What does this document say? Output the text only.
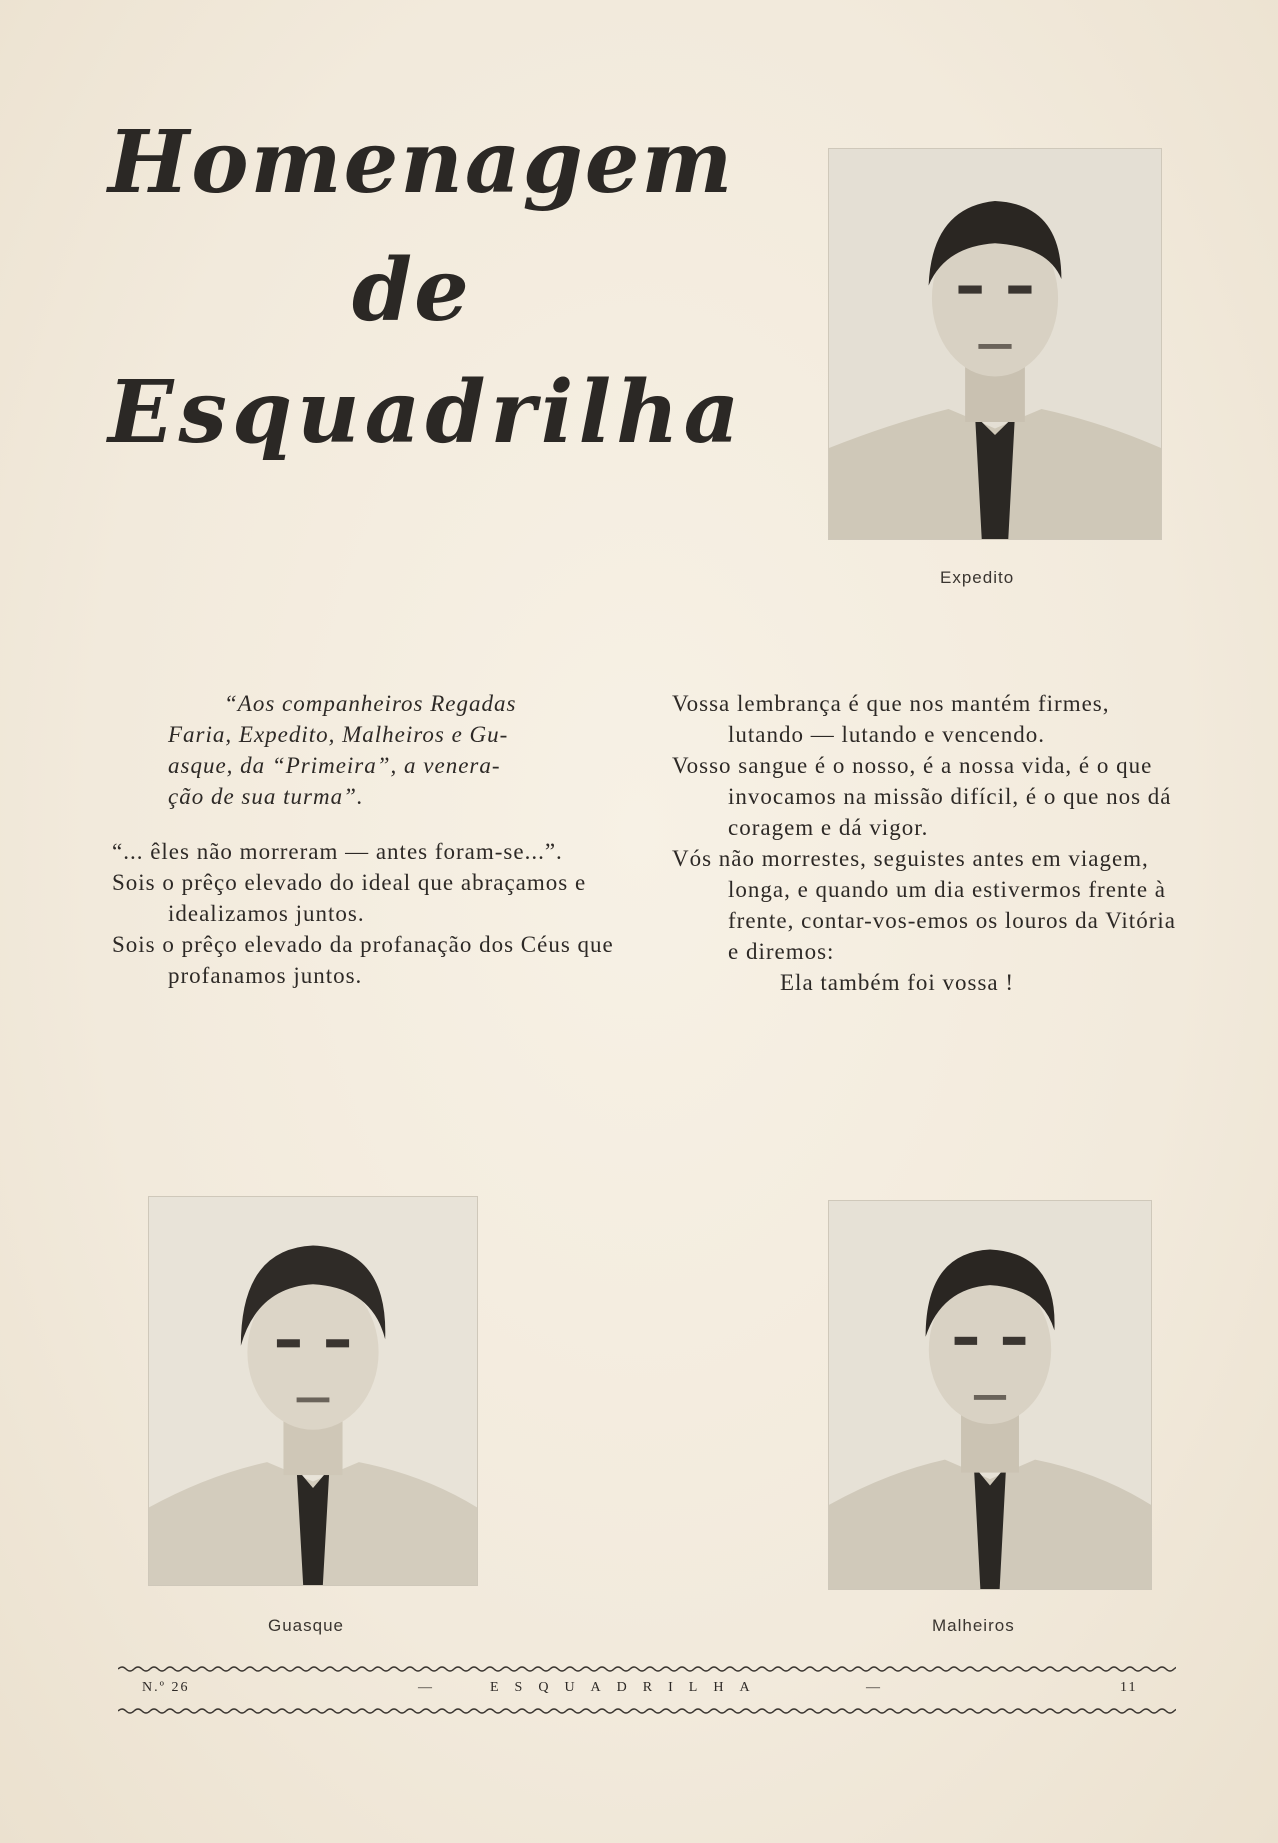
Homenagem
de
Esquadrilha
Expedito

“Aos companheiros Regadas

Faria, Expedito, Malheiros e Gu-

asque, da “Primeira”, a venera-

ção de sua turma”.

“... êles não morreram — antes foram-se...”.

Sois o prêço elevado do ideal que abraçamos e idealizamos juntos.

Sois o prêço elevado da profanação dos Céus que profanamos juntos.

Vossa lembrança é que nos mantém firmes, lutando — lutando e vencendo.

Vosso sangue é o nosso, é a nossa vida, é o que invocamos na missão difícil, é o que nos dá coragem e dá vigor.

Vós não morrestes, seguistes antes em viagem, longa, e quando um dia estivermos frente à frente, contar-vos-emos os louros da Vitória e diremos:

Ela também foi vossa !

Guasque	Malheiros
N.º 26	—	ESQUADRILHA	—	11
